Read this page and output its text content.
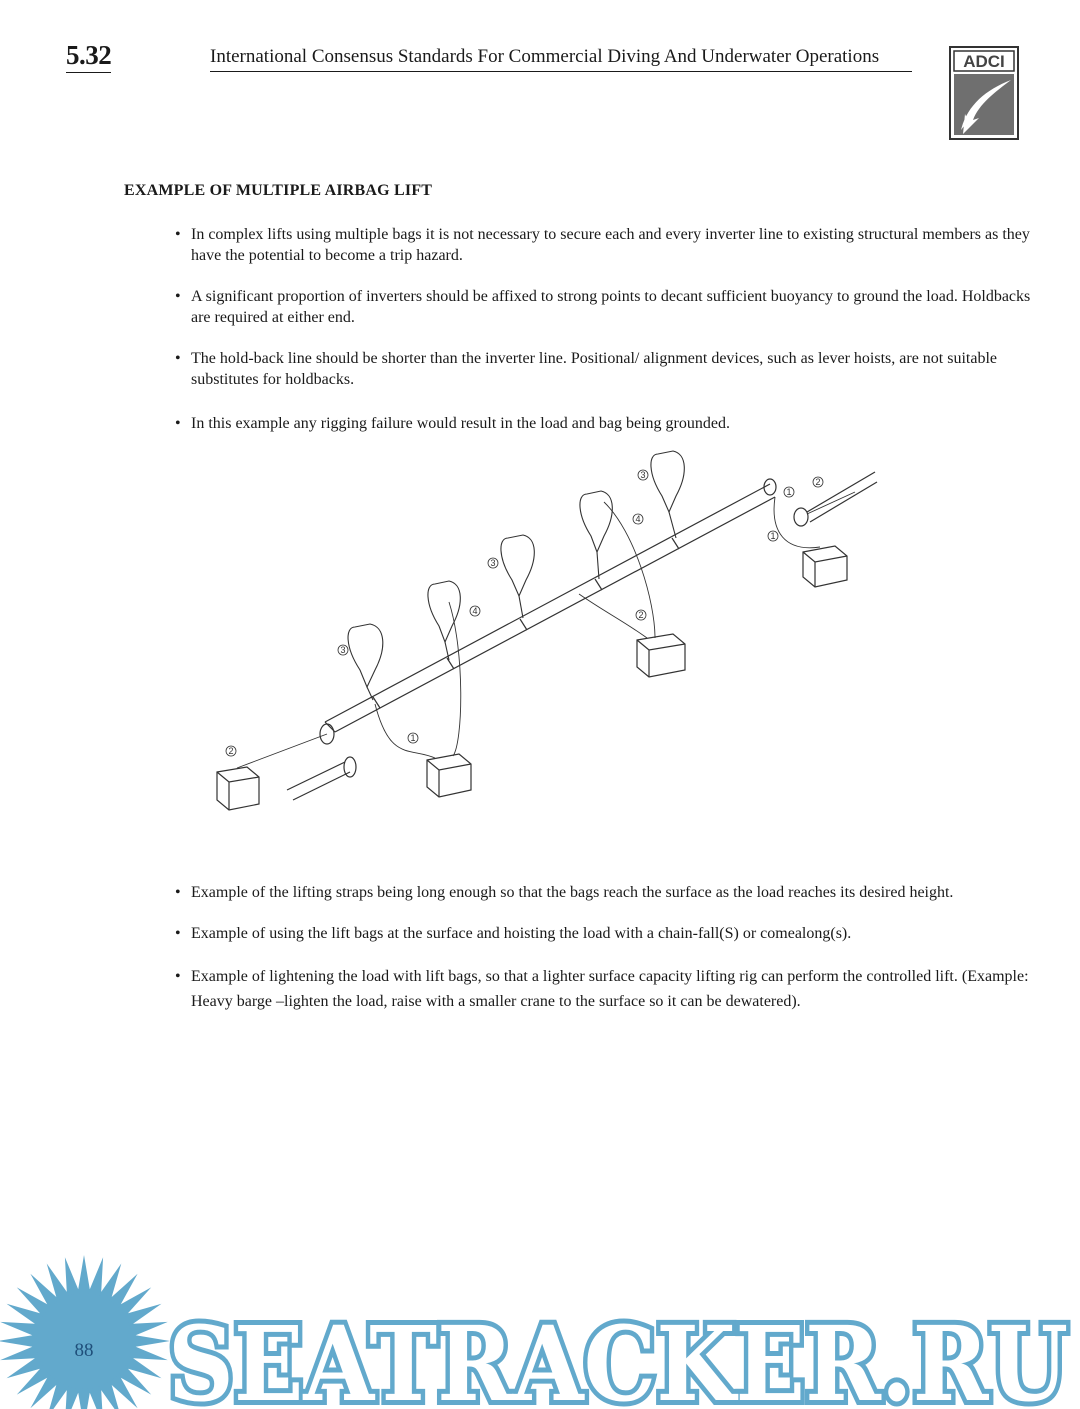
5.32	International Consensus Standards For Commercial Diving And Underwater Operations	ADCI
EXAMPLE OF MULTIPLE AIRBAG LIFT
• In complex lifts using multiple bags it is not necessary to secure each and every inverter line to existing structural members as they have the potential to become a trip hazard.
• A significant proportion of inverters should be affixed to strong points to decant sufficient buoyancy to ground the load. Holdbacks are required at either end.
• The hold-back line should be shorter than the inverter line. Positional/ alignment devices, such as lever hoists, are not suitable substitutes for holdbacks.
• In this example any rigging failure would result in the load and bag being grounded.
2
3
1
4
3
4
3
2
1
1
2
• Example of the lifting straps being long enough so that the bags reach the surface as the load reaches its desired height.
• Example of using the lift bags at the surface and hoisting the load with a chain-fall(S) or comealong(s).
• Example of lightening the load with lift bags, so that a lighter surface capacity lifting rig can perform the controlled lift. (Example: Heavy barge –lighten the load, raise with a smaller crane to the surface so it can be dewatered).
SEATRACKER.RU
88
